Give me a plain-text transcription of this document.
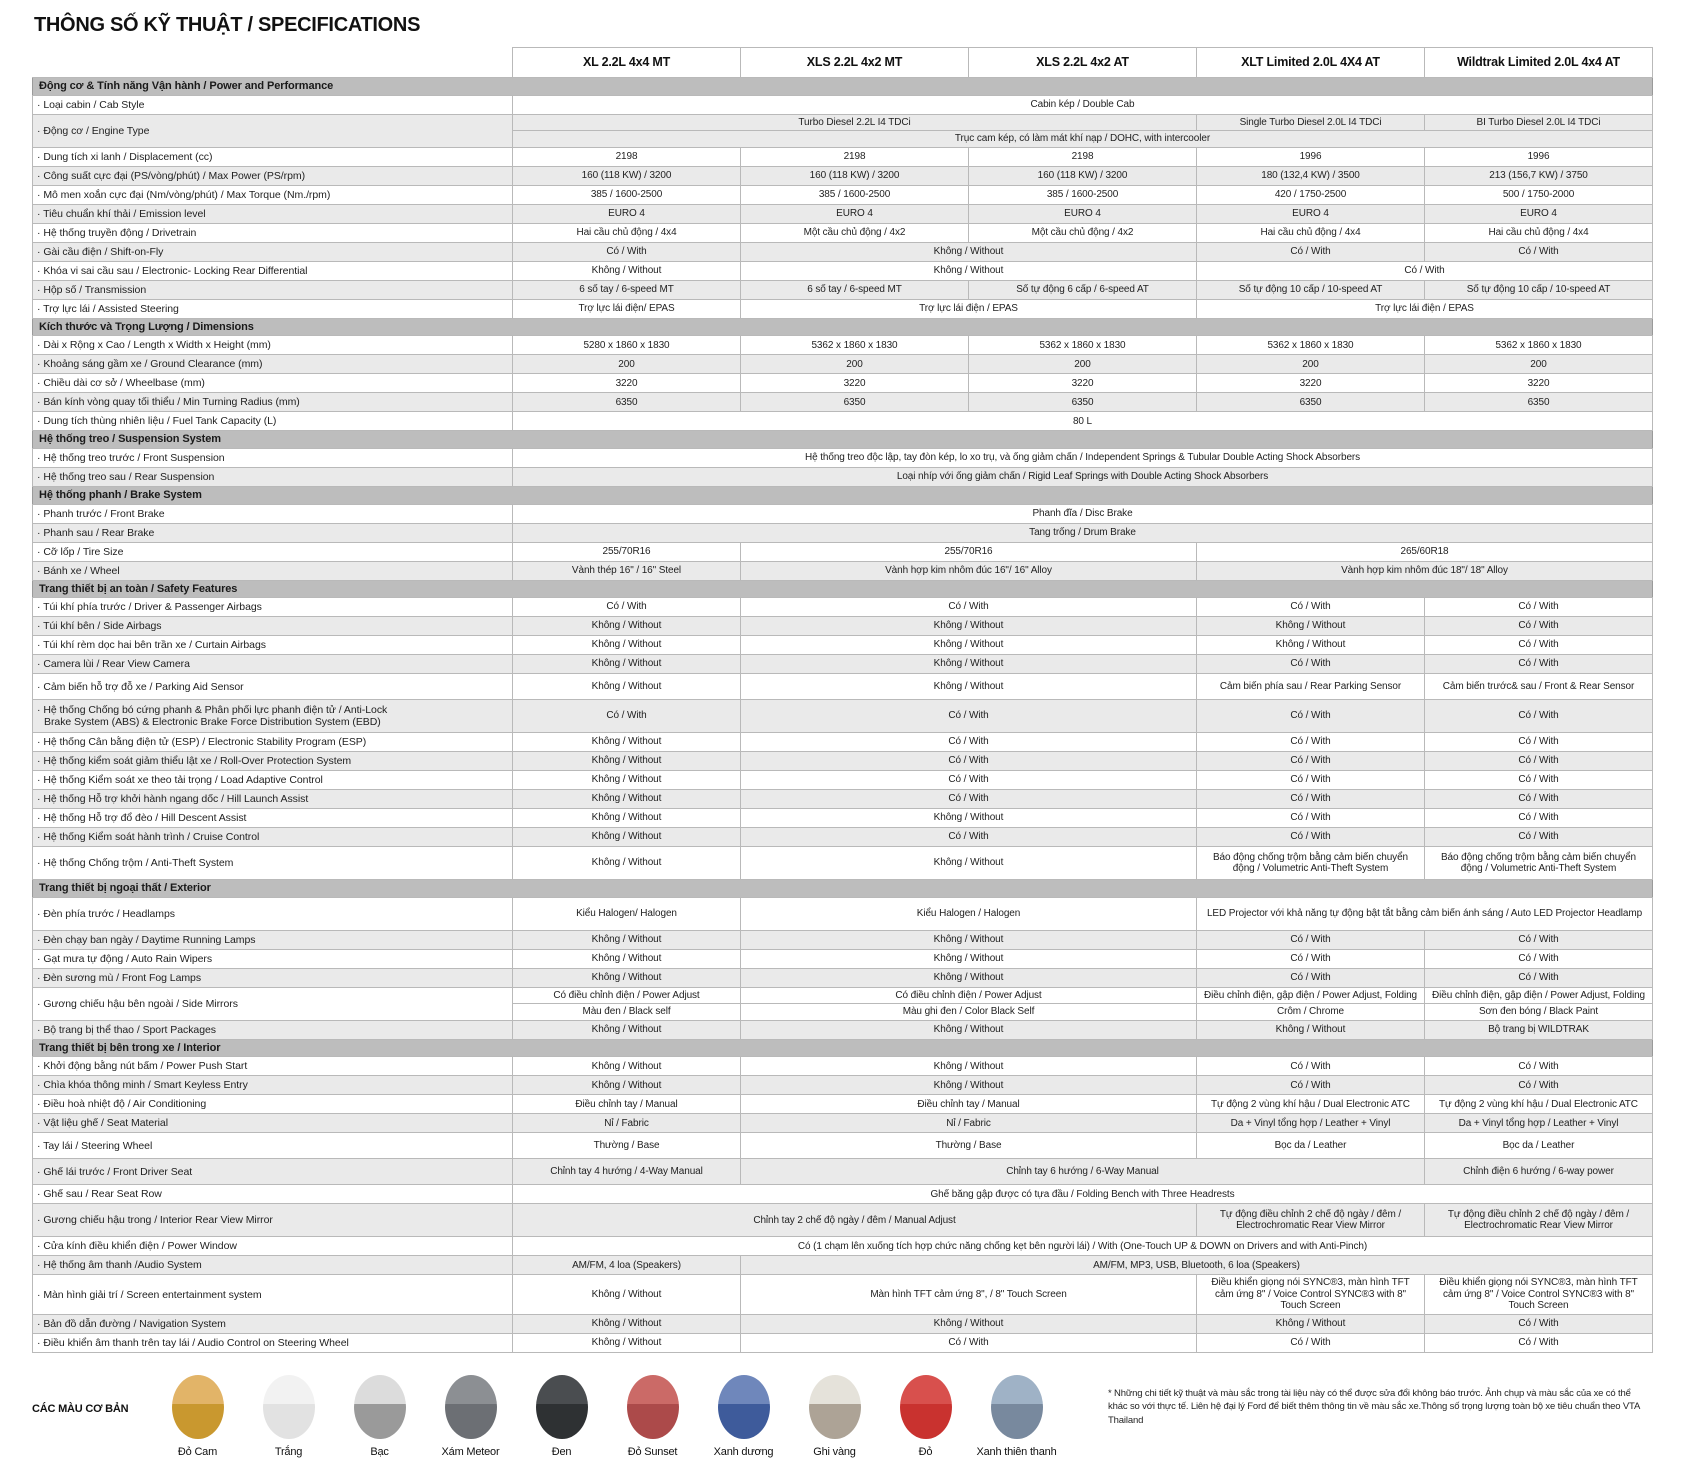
THÔNG SỐ KỸ THUẬT / SPECIFICATIONS
	XL 2.2L 4x4 MT	XLS 2.2L 4x2 MT	XLS 2.2L 4x2 AT	XLT Limited 2.0L 4X4 AT	Wildtrak Limited 2.0L 4x4 AT
Động cơ & Tính năng Vận hành / Power and Performance					
· Loại cabin / Cab Style	Cabin kép / Double Cab				
· Động cơ / Engine Type	Turbo Diesel 2.2L I4 TDCi			Single Turbo Diesel 2.0L I4 TDCi	BI Turbo Diesel 2.0L I4 TDCi
	Trục cam kép, có làm mát khí nạp / DOHC, with intercooler				
· Dung tích xi lanh / Displacement (cc)	2198	2198	2198	1996	1996
· Công suất cực đại (PS/vòng/phút) / Max Power (PS/rpm)	160 (118 KW) / 3200	160 (118 KW) / 3200	160 (118 KW) / 3200	180 (132,4 KW) / 3500	213 (156,7 KW) / 3750
· Mô men xoắn cực đại (Nm/vòng/phút) / Max Torque (Nm./rpm)	385 / 1600-2500	385 / 1600-2500	385 / 1600-2500	420 / 1750-2500	500 / 1750-2000
· Tiêu chuẩn khí thải / Emission level	EURO 4	EURO 4	EURO 4	EURO 4	EURO 4
· Hệ thống truyền động / Drivetrain	Hai cầu chủ động / 4x4	Một cầu chủ động / 4x2	Một cầu chủ động / 4x2	Hai cầu chủ động / 4x4	Hai cầu chủ động / 4x4
· Gài cầu điện / Shift-on-Fly	Có / With	Không / Without		Có / With	Có / With
· Khóa vi sai cầu sau / Electronic- Locking Rear Differential	Không / Without	Không / Without		Có / With	
· Hộp số / Transmission	6 số tay / 6-speed MT	6 số tay / 6-speed MT	Số tự động 6 cấp / 6-speed AT	Số tự động 10 cấp / 10-speed AT	Số tự động 10 cấp / 10-speed AT
· Trợ lực lái / Assisted Steering	Trợ lực lái điện/ EPAS	Trợ lực lái điện / EPAS		Trợ lực lái điện / EPAS	
Kích thước và Trọng Lượng / Dimensions					
· Dài x Rộng x Cao / Length x Width x Height (mm)	5280 x 1860 x 1830	5362 x 1860 x 1830	5362 x 1860 x 1830	5362 x 1860 x 1830	5362 x 1860 x 1830
· Khoảng sáng gầm xe / Ground Clearance (mm)	200	200	200	200	200
· Chiều dài cơ sở / Wheelbase (mm)	3220	3220	3220	3220	3220
· Bán kính vòng quay tối thiểu / Min Turning Radius (mm)	6350	6350	6350	6350	6350
· Dung tích thùng nhiên liệu / Fuel Tank Capacity (L)	80 L				
Hệ thống treo / Suspension System					
· Hệ thống treo trước / Front Suspension	Hệ thống treo độc lập, tay đòn kép, lo xo trụ, và ống giảm chấn / Independent Springs & Tubular Double Acting Shock Absorbers				
· Hệ thống treo sau / Rear Suspension	Loại nhíp với ống giảm chấn / Rigid Leaf Springs with Double Acting Shock Absorbers				
Hệ thống phanh / Brake System					
· Phanh trước / Front Brake	Phanh đĩa / Disc Brake				
· Phanh sau / Rear Brake	Tang trống / Drum Brake				
· Cỡ lốp / Tire Size	255/70R16	255/70R16		265/60R18	
· Bánh xe / Wheel	Vành thép 16" / 16" Steel	Vành hợp kim nhôm đúc 16"/ 16" Alloy		Vành hợp kim nhôm đúc 18"/ 18" Alloy	
Trang thiết bị an toàn / Safety Features					
· Túi khí phía trước / Driver & Passenger Airbags	Có / With	Có / With		Có / With	Có / With
· Túi khí bên / Side Airbags	Không / Without	Không / Without		Không / Without	Có / With
· Túi khí rèm dọc hai bên trần xe / Curtain Airbags	Không / Without	Không / Without		Không / Without	Có / With
· Camera lùi / Rear View Camera	Không / Without	Không / Without		Có / With	Có / With
· Cảm biến hỗ trợ đỗ xe / Parking Aid Sensor	Không / Without	Không / Without		Cảm biến phía sau / Rear Parking Sensor	Cảm biến trước& sau / Front & Rear Sensor
· Hệ thống Chống bó cứng phanh & Phân phối lực phanh điện tử / Anti-Lock
Brake System (ABS) & Electronic Brake Force Distribution System (EBD)	Có / With	Có / With		Có / With	Có / With
· Hệ thống Cân bằng điện tử (ESP) / Electronic Stability Program (ESP)	Không / Without	Có / With		Có / With	Có / With
· Hệ thống kiểm soát giảm thiểu lật xe / Roll-Over Protection System	Không / Without	Có / With		Có / With	Có / With
· Hệ thống Kiểm soát xe theo tải trọng / Load Adaptive Control	Không / Without	Có / With		Có / With	Có / With
· Hệ thống Hỗ trợ khởi hành ngang dốc / Hill Launch Assist	Không / Without	Có / With		Có / With	Có / With
· Hệ thống Hỗ trợ đổ đèo / Hill Descent Assist	Không / Without	Không / Without		Có / With	Có / With
· Hệ thống Kiểm soát hành trình / Cruise Control	Không / Without	Có / With		Có / With	Có / With
· Hệ thống Chống trộm / Anti-Theft System	Không / Without	Không / Without		Báo động chống trộm bằng cảm biến chuyển động / Volumetric Anti-Theft System	Báo động chống trộm bằng cảm biến chuyển động / Volumetric Anti-Theft System
Trang thiết bị ngoại thất / Exterior					
· Đèn phía trước / Headlamps	Kiểu Halogen/ Halogen	Kiểu Halogen / Halogen		LED Projector với khả năng tự động bật tắt bằng cảm biến ánh sáng / Auto LED Projector Headlamp	
· Đèn chạy ban ngày / Daytime Running Lamps	Không / Without	Không / Without		Có / With	Có / With
· Gạt mưa tự động / Auto Rain Wipers	Không / Without	Không / Without		Có / With	Có / With
· Đèn sương mù / Front Fog Lamps	Không / Without	Không / Without		Có / With	Có / With
· Gương chiếu hậu bên ngoài / Side Mirrors	Có điều chỉnh điện / Power Adjust	Có điều chỉnh điện / Power Adjust		Điều chỉnh điện, gập điện / Power Adjust, Folding	Điều chỉnh điện, gập điện / Power Adjust, Folding
	Màu đen / Black self	Màu ghi đen / Color Black Self		Crôm / Chrome	Sơn đen bóng / Black Paint
· Bộ trang bị thể thao / Sport Packages	Không / Without	Không / Without		Không / Without	Bộ trang bị WILDTRAK
Trang thiết bị bên trong xe / Interior					
· Khởi động bằng nút bấm / Power Push Start	Không / Without	Không / Without		Có / With	Có / With
· Chìa khóa thông minh / Smart Keyless Entry	Không / Without	Không / Without		Có / With	Có / With
· Điều hoà nhiệt độ / Air Conditioning	Điều chỉnh tay / Manual	Điều chỉnh tay / Manual		Tự động 2 vùng khí hậu / Dual Electronic ATC	Tự động 2 vùng khí hậu / Dual Electronic ATC
· Vật liệu ghế / Seat Material	Nỉ / Fabric	Nỉ / Fabric		Da + Vinyl tổng hợp / Leather + Vinyl	Da + Vinyl tổng hợp / Leather + Vinyl
· Tay lái / Steering Wheel	Thường / Base	Thường / Base		Bọc da / Leather	Bọc da / Leather
· Ghế lái trước / Front Driver Seat	Chỉnh tay 4 hướng / 4-Way Manual	Chỉnh tay 6 hướng / 6-Way Manual			Chỉnh điện 6 hướng / 6-way power
· Ghế sau / Rear Seat Row	Ghế băng gập được có tựa đầu / Folding Bench with Three Headrests				
· Gương chiếu hậu trong / Interior Rear View Mirror	Chỉnh tay 2 chế độ ngày / đêm / Manual Adjust			Tự động điều chỉnh 2 chế độ ngày / đêm / Electrochromatic Rear View Mirror	Tự động điều chỉnh 2 chế độ ngày / đêm / Electrochromatic Rear View Mirror
· Cửa kính điều khiển điện / Power Window	Có (1 chạm lên xuống tích hợp chức năng chống kẹt bên người lái) / With (One-Touch UP & DOWN on Drivers and with Anti-Pinch)				
· Hệ thống âm thanh /Audio System	AM/FM, 4 loa (Speakers)	AM/FM, MP3, USB, Bluetooth, 6 loa (Speakers)			
· Màn hình giải trí / Screen entertainment system	Không / Without	Màn hình TFT cảm ứng 8", / 8" Touch Screen		Điều khiển giọng nói SYNC®3, màn hình TFT cảm ứng 8" / Voice Control SYNC®3 with 8" Touch Screen	Điều khiển giọng nói SYNC®3, màn hình TFT cảm ứng 8" / Voice Control SYNC®3 with 8" Touch Screen
· Bản đồ dẫn đường / Navigation System	Không / Without	Không / Without		Không / Without	Có / With
· Điều khiển âm thanh trên tay lái / Audio Control on Steering Wheel	Không / Without	Có / With		Có / With	Có / With
CÁC MÀU CƠ BẢN
Đỏ Cam	Trắng	Bạc	Xám Meteor	Đen	Đỏ Sunset	Xanh dương	Ghi vàng	Đỏ	Xanh thiên thanh
* Những chi tiết kỹ thuật và màu sắc trong tài liệu này có thể được sửa đổi không báo trước. Ảnh chụp và màu sắc của xe có thể khác so với thực tế. Liên hệ đại lý Ford để biết thêm thông tin về màu sắc xe.Thông số trọng lượng toàn bộ xe tiêu chuẩn theo VTA Thailand
